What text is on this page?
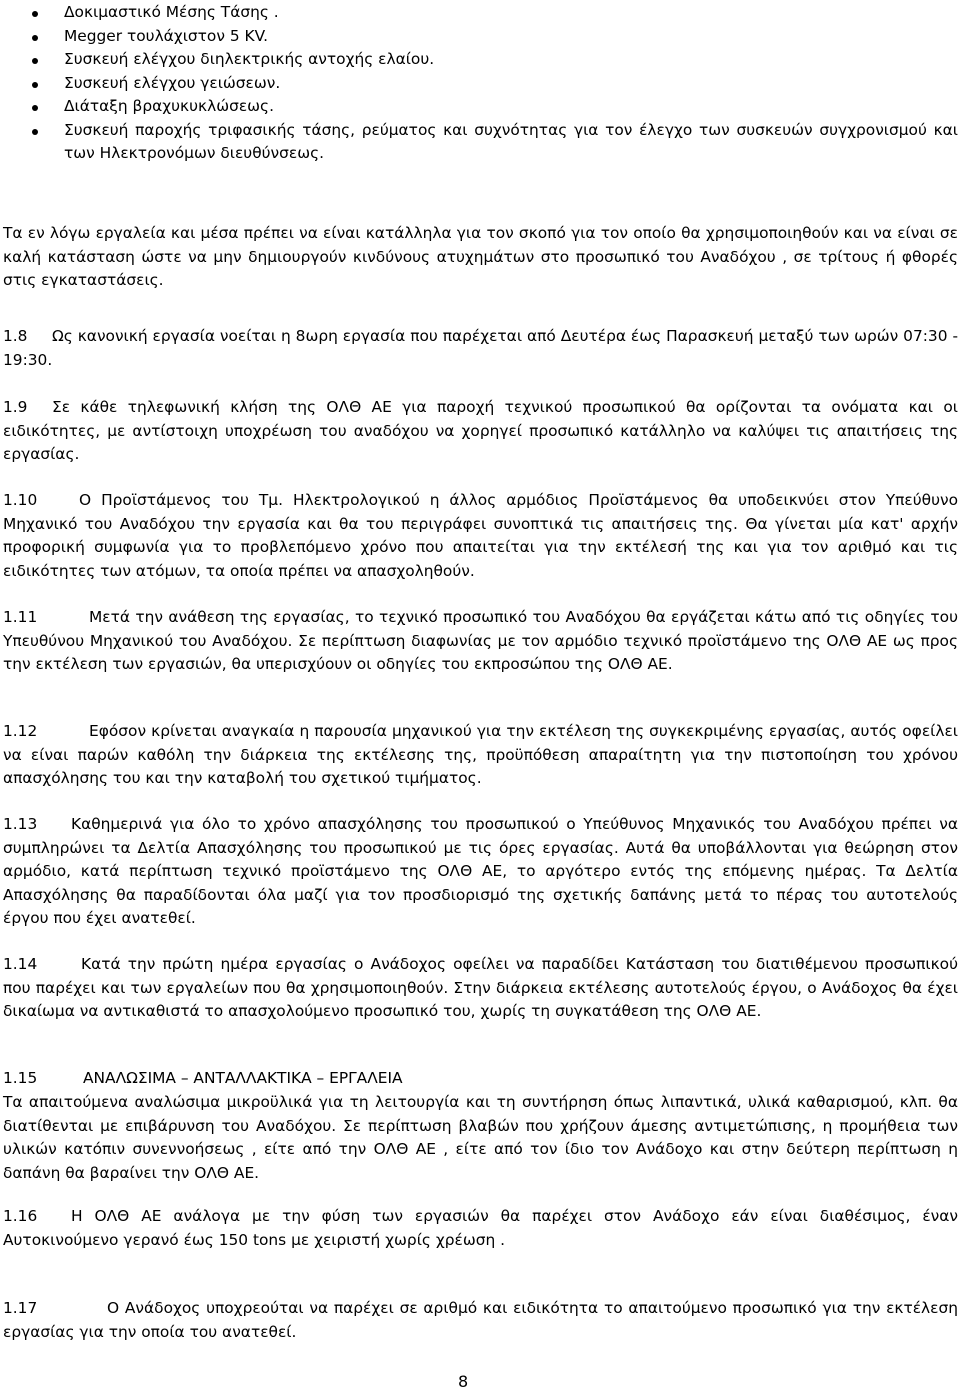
Δοκιμαστικό Μέσης Τάσης .
Megger τουλάχιστον 5 KV.
Συσκευή ελέγχου διηλεκτρικής αντοχής ελαίου.
Συσκευή ελέγχου γειώσεων.
Διάταξη βραχυκυκλώσεως.
Συσκευή παροχής τριφασικής τάσης, ρεύματος και συχνότητας για τον έλεγχο των συσκευών συγχρονισμού και των Ηλεκτρονόμων διευθύνσεως.

Τα εν λόγω εργαλεία και μέσα πρέπει να είναι κατάλληλα για τον σκοπό για τον οποίο θα χρησιμοποιηθούν και να είναι σε καλή κατάσταση ώστε να μην δημιουργούν κινδύνους ατυχημάτων στο προσωπικό του Αναδόχου , σε τρίτους ή φθορές στις εγκαταστάσεις.

1.8 Ως κανονική εργασία νοείται η 8ωρη εργασία που παρέχεται από Δευτέρα έως Παρασκευή μεταξύ των ωρών 07:30 - 19:30.

1.9 Σε κάθε τηλεφωνική κλήση της ΟΛΘ ΑΕ για παροχή τεχνικού προσωπικού θα ορίζονται τα ονόματα και οι ειδικότητες, με αντίστοιχη υποχρέωση του αναδόχου να χορηγεί προσωπικό κατάλληλο να καλύψει τις απαιτήσεις της εργασίας.

1.10	Ο Προϊστάμενος του Τμ. Ηλεκτρολογικού η άλλος αρμόδιος Προϊστάμενος θα υποδεικνύει στον Υπεύθυνο Μηχανικό του Αναδόχου την εργασία και θα του περιγράφει συνοπτικά τις απαιτήσεις της. Θα γίνεται μία κατ' αρχήν προφορική συμφωνία για το προβλεπόμενο χρόνο που απαιτείται για την εκτέλεσή της και για τον αριθμό και τις ειδικότητες των ατόμων, τα οποία πρέπει να απασχοληθούν.

1.11	Μετά την ανάθεση της εργασίας, το τεχνικό προσωπικό του Αναδόχου θα εργάζεται κάτω από τις οδηγίες του Υπευθύνου Μηχανικού του Αναδόχου. Σε περίπτωση διαφωνίας με τον αρμόδιο τεχνικό προϊστάμενο της ΟΛΘ ΑΕ ως προς την εκτέλεση των εργασιών, θα υπερισχύουν οι οδηγίες του εκπροσώπου της ΟΛΘ ΑΕ.

1.12	Εφόσον κρίνεται αναγκαία η παρουσία μηχανικού για την εκτέλεση της συγκεκριμένης εργασίας, αυτός οφείλει να είναι παρών καθόλη την διάρκεια της εκτέλεσης της, προϋπόθεση απαραίτητη για την πιστοποίηση του χρόνου απασχόλησης του και την καταβολή του σχετικού τιμήματος.

1.13 Καθημερινά για όλο το χρόνο απασχόλησης του προσωπικού ο Υπεύθυνος Μηχανικός του Αναδόχου πρέπει να συμπληρώνει τα Δελτία Απασχόλησης του προσωπικού με τις όρες εργασίας. Αυτά θα υποβάλλονται για θεώρηση στον αρμόδιο, κατά περίπτωση τεχνικό προϊστάμενο της ΟΛΘ ΑΕ, το αργότερο εντός της επόμενης ημέρας. Τα Δελτία Απασχόλησης θα παραδίδονται όλα μαζί για τον προσδιορισμό της σχετικής δαπάνης μετά το πέρας του αυτοτελούς έργου που έχει ανατεθεί.

1.14	Κατά την πρώτη ημέρα εργασίας ο Ανάδοχος οφείλει να παραδίδει Κατάσταση του διατιθέμενου προσωπικού που παρέχει και των εργαλείων που θα χρησιμοποιηθούν. Στην διάρκεια εκτέλεσης αυτοτελούς έργου, ο Ανάδοχος θα έχει δικαίωμα να αντικαθιστά το απασχολούμενο προσωπικό του, χωρίς τη συγκατάθεση της ΟΛΘ ΑΕ.

1.15	ΑΝΑΛΩΣΙΜΑ – ΑΝΤΑΛΛΑΚΤΙΚΑ – ΕΡΓΑΛΕΙΑ

Τα απαιτούμενα αναλώσιμα μικροϋλικά για τη λειτουργία και τη συντήρηση όπως λιπαντικά, υλικά καθαρισμού, κλπ. θα διατίθενται με επιβάρυνση του Αναδόχου. Σε περίπτωση βλαβών που χρήζουν άμεσης αντιμετώπισης, η προμήθεια των υλικών κατόπιν συνεννοήσεως , είτε από την ΟΛΘ ΑΕ , είτε από τον ίδιο τον Ανάδοχο και στην δεύτερη περίπτωση η δαπάνη θα βαραίνει την ΟΛΘ ΑΕ.

1.16 Η ΟΛΘ ΑΕ ανάλογα με την φύση των εργασιών θα παρέχει στον Ανάδοχο εάν είναι διαθέσιμος, έναν Αυτοκινούμενο γερανό έως 150 tons με χειριστή χωρίς χρέωση .

1.17	Ο Ανάδοχος υποχρεούται να παρέχει σε αριθμό και ειδικότητα το απαιτούμενο προσωπικό για την εκτέλεση εργασίας για την οποία του ανατεθεί.

8
